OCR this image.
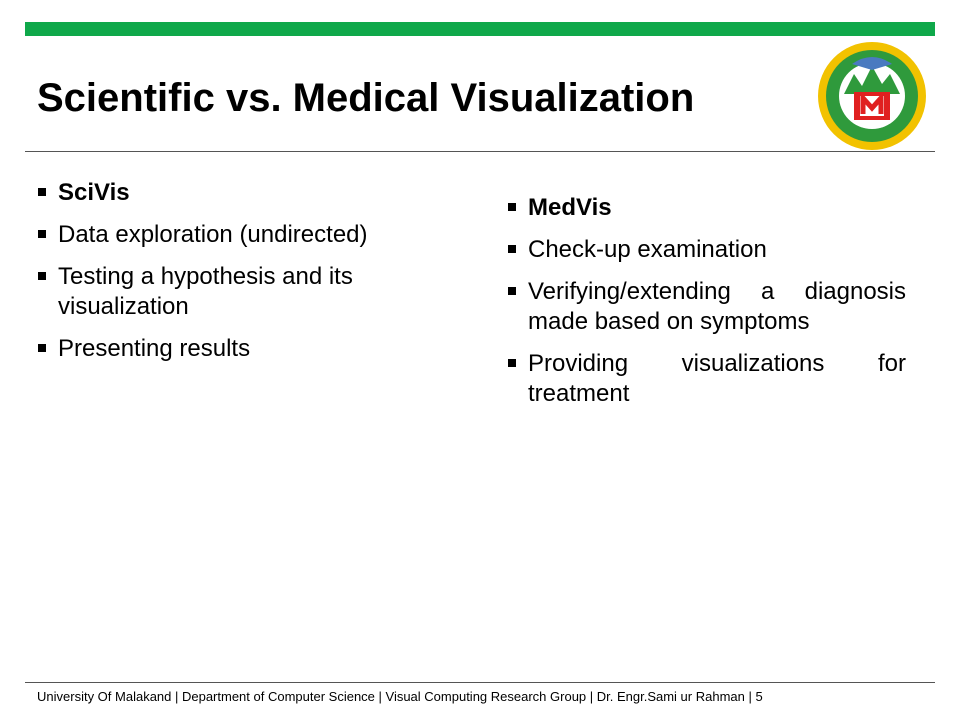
Scientific vs. Medical Visualization
SciVis
Data exploration (undirected)
Testing a hypothesis and its visualization
Presenting results
MedVis
Check-up examination
Verifying/extending a diagnosis made based on symptoms
Providing visualizations for treatment
University Of Malakand | Department of Computer Science | Visual Computing Research Group | Dr. Engr.Sami ur Rahman | 5
